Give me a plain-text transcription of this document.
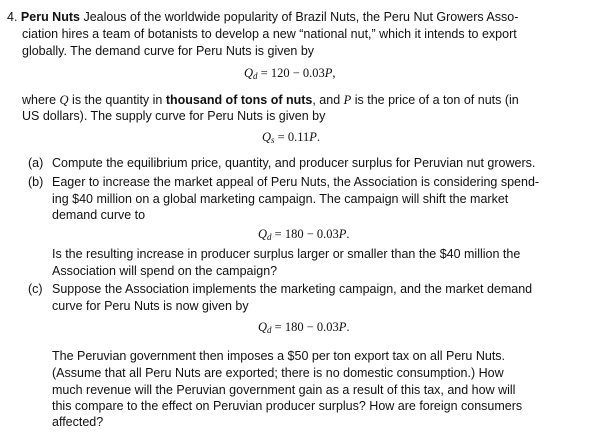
4. Peru Nuts Jealous of the worldwide popularity of Brazil Nuts, the Peru Nut Growers Asso-
ciation hires a team of botanists to develop a new “national nut,” which it intends to export
globally. The demand curve for Peru Nuts is given by
$Q_d = 120 - 0.03P$,
where Q is the quantity in thousand of tons of nuts, and P is the price of a ton of nuts (in
US dollars). The supply curve for Peru Nuts is given by
$Q_s = 0.11P$.
(a) Compute the equilibrium price, quantity, and producer surplus for Peruvian nut growers.
(b) Eager to increase the market appeal of Peru Nuts, the Association is considering spend-
ing $40 million on a global marketing campaign. The campaign will shift the market
demand curve to
$Q_d = 180 - 0.03P$.
Is the resulting increase in producer surplus larger or smaller than the $40 million the
Association will spend on the campaign?
(c) Suppose the Association implements the marketing campaign, and the market demand
curve for Peru Nuts is now given by
$Q_d = 180 - 0.03P$.
The Peruvian government then imposes a $50 per ton export tax on all Peru Nuts.
(Assume that all Peru Nuts are exported; there is no domestic consumption.) How
much revenue will the Peruvian government gain as a result of this tax, and how will
this compare to the effect on Peruvian producer surplus? How are foreign consumers
affected?
